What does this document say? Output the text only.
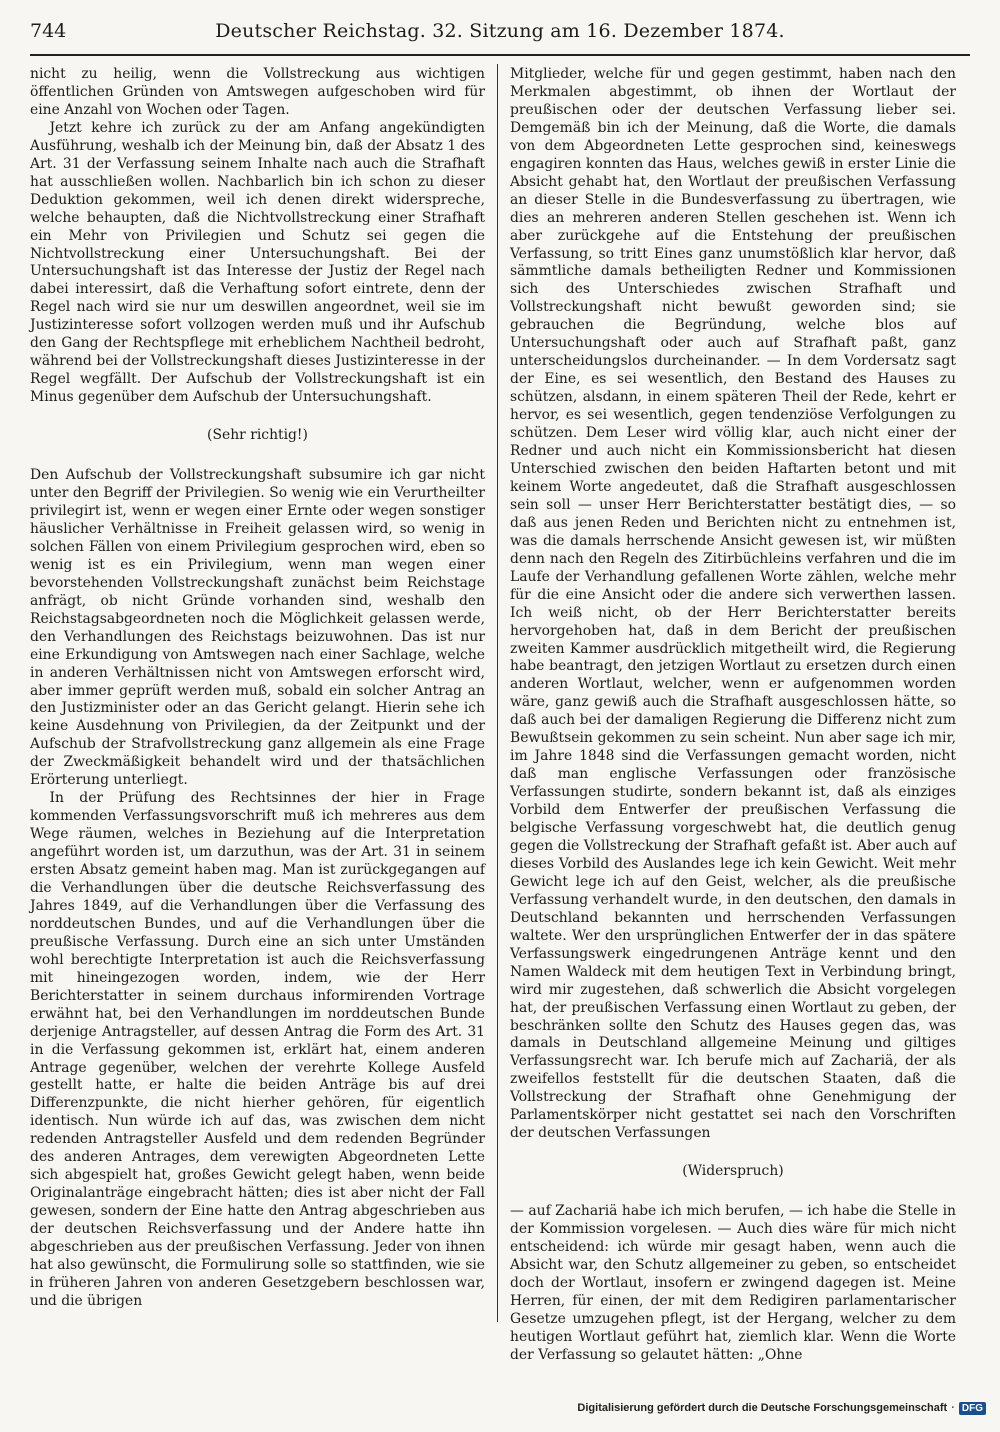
744	Deutscher Reichstag. 32. Sitzung am 16. Dezember 1874.

nicht zu heilig, wenn die Vollstreckung aus wichtigen öffentlichen Gründen von Amtswegen aufgeschoben wird für eine Anzahl von Wochen oder Tagen.

Jetzt kehre ich zurück zu der am Anfang angekündigten Ausführung, weshalb ich der Meinung bin, daß der Absatz 1 des Art. 31 der Verfassung seinem Inhalte nach auch die Strafhaft hat ausschließen wollen. Nachbarlich bin ich schon zu dieser Deduktion gekommen, weil ich denen direkt widerspreche, welche behaupten, daß die Nichtvollstreckung einer Strafhaft ein Mehr von Privilegien und Schutz sei gegen die Nichtvollstreckung einer Untersuchungshaft. Bei der Untersuchungshaft ist das Interesse der Justiz der Regel nach dabei interessirt, daß die Verhaftung sofort eintrete, denn der Regel nach wird sie nur um deswillen angeordnet, weil sie im Justizinteresse sofort vollzogen werden muß und ihr Aufschub den Gang der Rechtspflege mit erheblichem Nachtheil bedroht, während bei der Vollstreckungshaft dieses Justizinteresse in der Regel wegfällt. Der Aufschub der Vollstreckungshaft ist ein Minus gegenüber dem Aufschub der Untersuchungshaft.

(Sehr richtig!)

Den Aufschub der Vollstreckungshaft subsumire ich gar nicht unter den Begriff der Privilegien. So wenig wie ein Verurtheilter privilegirt ist, wenn er wegen einer Ernte oder wegen sonstiger häuslicher Verhältnisse in Freiheit gelassen wird, so wenig in solchen Fällen von einem Privilegium gesprochen wird, eben so wenig ist es ein Privilegium, wenn man wegen einer bevorstehenden Vollstreckungshaft zunächst beim Reichstage anfrägt, ob nicht Gründe vorhanden sind, weshalb den Reichstagsabgeordneten noch die Möglichkeit gelassen werde, den Verhandlungen des Reichstags beizuwohnen. Das ist nur eine Erkundigung von Amtswegen nach einer Sachlage, welche in anderen Verhältnissen nicht von Amtswegen erforscht wird, aber immer geprüft werden muß, sobald ein solcher Antrag an den Justizminister oder an das Gericht gelangt. Hierin sehe ich keine Ausdehnung von Privilegien, da der Zeitpunkt und der Aufschub der Strafvollstreckung ganz allgemein als eine Frage der Zweckmäßigkeit behandelt wird und der thatsächlichen Erörterung unterliegt.

In der Prüfung des Rechtsinnes der hier in Frage kommenden Verfassungsvorschrift muß ich mehreres aus dem Wege räumen, welches in Beziehung auf die Interpretation angeführt worden ist, um darzuthun, was der Art. 31 in seinem ersten Absatz gemeint haben mag. Man ist zurückgegangen auf die Verhandlungen über die deutsche Reichsverfassung des Jahres 1849, auf die Verhandlungen über die Verfassung des norddeutschen Bundes, und auf die Verhandlungen über die preußische Verfassung. Durch eine an sich unter Umständen wohl berechtigte Interpretation ist auch die Reichsverfassung mit hineingezogen worden, indem, wie der Herr Berichterstatter in seinem durchaus informirenden Vortrage erwähnt hat, bei den Verhandlungen im norddeutschen Bunde derjenige Antragsteller, auf dessen Antrag die Form des Art. 31 in die Verfassung gekommen ist, erklärt hat, einem anderen Antrage gegenüber, welchen der verehrte Kollege Ausfeld gestellt hatte, er halte die beiden Anträge bis auf drei Differenzpunkte, die nicht hierher gehören, für eigentlich identisch. Nun würde ich auf das, was zwischen dem nicht redenden Antragsteller Ausfeld und dem redenden Begründer des anderen Antrages, dem verewigten Abgeordneten Lette sich abgespielt hat, großes Gewicht gelegt haben, wenn beide Originalanträge eingebracht hätten; dies ist aber nicht der Fall gewesen, sondern der Eine hatte den Antrag abgeschrieben aus der deutschen Reichsverfassung und der Andere hatte ihn abgeschrieben aus der preußischen Verfassung. Jeder von ihnen hat also gewünscht, die Formulirung solle so stattfinden, wie sie in früheren Jahren von anderen Gesetzgebern beschlossen war, und die übrigen

Mitglieder, welche für und gegen gestimmt, haben nach den Merkmalen abgestimmt, ob ihnen der Wortlaut der preußischen oder der deutschen Verfassung lieber sei. Demgemäß bin ich der Meinung, daß die Worte, die damals von dem Abgeordneten Lette gesprochen sind, keineswegs engagiren konnten das Haus, welches gewiß in erster Linie die Absicht gehabt hat, den Wortlaut der preußischen Verfassung an dieser Stelle in die Bundesverfassung zu übertragen, wie dies an mehreren anderen Stellen geschehen ist. Wenn ich aber zurückgehe auf die Entstehung der preußischen Verfassung, so tritt Eines ganz unumstößlich klar hervor, daß sämmtliche damals betheiligten Redner und Kommissionen sich des Unterschiedes zwischen Strafhaft und Vollstreckungshaft nicht bewußt geworden sind; sie gebrauchen die Begründung, welche blos auf Untersuchungshaft oder auch auf Strafhaft paßt, ganz unterscheidungslos durcheinander. — In dem Vordersatz sagt der Eine, es sei wesentlich, den Bestand des Hauses zu schützen, alsdann, in einem späteren Theil der Rede, kehrt er hervor, es sei wesentlich, gegen tendenziöse Verfolgungen zu schützen. Dem Leser wird völlig klar, auch nicht einer der Redner und auch nicht ein Kommissionsbericht hat diesen Unterschied zwischen den beiden Haftarten betont und mit keinem Worte angedeutet, daß die Strafhaft ausgeschlossen sein soll — unser Herr Berichterstatter bestätigt dies, — so daß aus jenen Reden und Berichten nicht zu entnehmen ist, was die damals herrschende Ansicht gewesen ist, wir müßten denn nach den Regeln des Zitirbüchleins verfahren und die im Laufe der Verhandlung gefallenen Worte zählen, welche mehr für die eine Ansicht oder die andere sich verwerthen lassen. Ich weiß nicht, ob der Herr Berichterstatter bereits hervorgehoben hat, daß in dem Bericht der preußischen zweiten Kammer ausdrücklich mitgetheilt wird, die Regierung habe beantragt, den jetzigen Wortlaut zu ersetzen durch einen anderen Wortlaut, welcher, wenn er aufgenommen worden wäre, ganz gewiß auch die Strafhaft ausgeschlossen hätte, so daß auch bei der damaligen Regierung die Differenz nicht zum Bewußtsein gekommen zu sein scheint. Nun aber sage ich mir, im Jahre 1848 sind die Verfassungen gemacht worden, nicht daß man englische Verfassungen oder französische Verfassungen studirte, sondern bekannt ist, daß als einziges Vorbild dem Entwerfer der preußischen Verfassung die belgische Verfassung vorgeschwebt hat, die deutlich genug gegen die Vollstreckung der Strafhaft gefaßt ist. Aber auch auf dieses Vorbild des Auslandes lege ich kein Gewicht. Weit mehr Gewicht lege ich auf den Geist, welcher, als die preußische Verfassung verhandelt wurde, in den deutschen, den damals in Deutschland bekannten und herrschenden Verfassungen waltete. Wer den ursprünglichen Entwerfer der in das spätere Verfassungswerk eingedrungenen Anträge kennt und den Namen Waldeck mit dem heutigen Text in Verbindung bringt, wird mir zugestehen, daß schwerlich die Absicht vorgelegen hat, der preußischen Verfassung einen Wortlaut zu geben, der beschränken sollte den Schutz des Hauses gegen das, was damals in Deutschland allgemeine Meinung und giltiges Verfassungsrecht war. Ich berufe mich auf Zachariä, der als zweifellos feststellt für die deutschen Staaten, daß die Vollstreckung der Strafhaft ohne Genehmigung der Parlamentskörper nicht gestattet sei nach den Vorschriften der deutschen Verfassungen

(Widerspruch)

— auf Zachariä habe ich mich berufen, — ich habe die Stelle in der Kommission vorgelesen. — Auch dies wäre für mich nicht entscheidend: ich würde mir gesagt haben, wenn auch die Absicht war, den Schutz allgemeiner zu geben, so entscheidet doch der Wortlaut, insofern er zwingend dagegen ist. Meine Herren, für einen, der mit dem Redigiren parlamentarischer Gesetze umzugehen pflegt, ist der Hergang, welcher zu dem heutigen Wortlaut geführt hat, ziemlich klar. Wenn die Worte der Verfassung so gelautet hätten: „Ohne

Digitalisierung gefördert durch die Deutsche Forschungsgemeinschaft · DFG
